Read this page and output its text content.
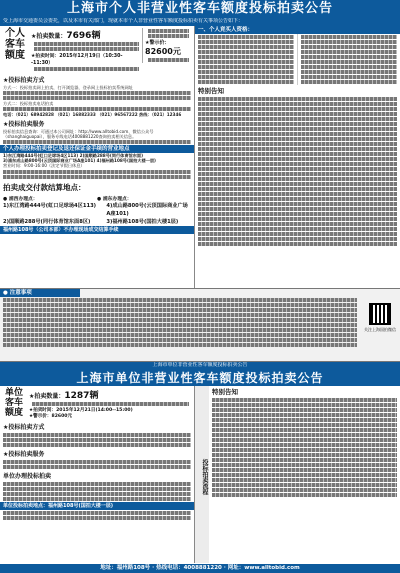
上海市个人非营业性客车额度投标拍卖公告
受上海市交通委员会委托，以及本市有关部门，现就本市个人非营业性客车额度投标拍卖有关事项公告如下：
个人
客车
额度
★拍卖数量：7696辆
★拍卖时间：2015年12月19日（10:30--11:30）
★警示价：82600元
★投标拍卖方式
方式一：投标拍卖网上拍卖，打开浏览器，登录网上投标拍卖系统网址
方式二：投标拍卖电话拍卖
电话：（021）68942828 （021）16882333 （021）96567222 热线：（021）12346
★投标拍卖服务
投标拍卖信息查询：可通过本公司网址：http://www.alltobid.com、微信公众号（shanghaiguopai），服务专线电话4008881220查询拍卖相关信息。
个人办理投标拍卖登记及退还保证金手续的营业地点
1)东江湾路444号(虹口足球场4区113) 2)国顺路288号(同行体育馆东面)
3)浦东成山路800号(云顶国际商业广场A座101) 4)福州路108号(国拍大楼一层)
营业时间：9:00-16:00（法定节假日休息）
拍卖成交付款结算地点：
● 浦西办理点：	● 浦东办理点：
1)东江湾路444号(虹口足球场4区113)	4)成山路800号(云顶国际商业广场A座101)
2)国顺路288号(同行体育馆东面8区)	3)福州路108号(国拍大楼1层)
福州路108号（公司本部）不办理现场成交结算手续
一、个人竞买人资格：
特别告知
● 注意事项
关注上海国拍微信
上海市单位非营业性客车额度投标拍卖公告
上海市单位非营业性客车额度投标拍卖公告
单位
客车
额度
★拍卖数量：1287辆
★拍卖时间：2015年12月21日(14:00--15:00)
★警示价：82600元
★投标拍卖方式
★投标拍卖服务
单位办理投标拍卖
单位投标拍卖地点：福州路108号(国拍大楼一层)
投标拍卖流程
特别告知
地址：福州路108号 · 热线电话：4008881220 · 网址：www.alltobid.com
